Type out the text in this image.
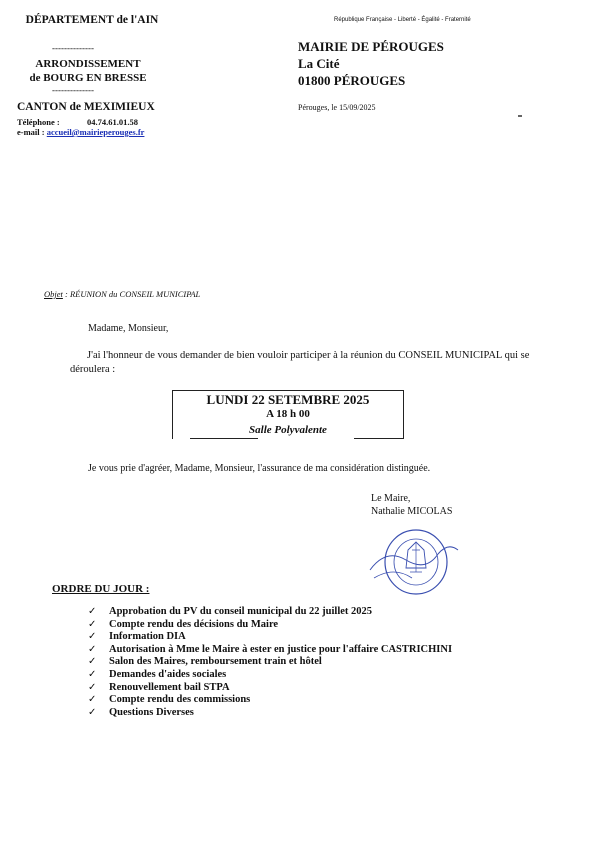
DÉPARTEMENT de l'AIN
--------------
ARRONDISSEMENT
de BOURG EN BRESSE
--------------
CANTON de MEXIMIEUX
Téléphone :	04.74.61.01.58
e-mail : accueil@mairieperouges.fr
République Française - Liberté - Égalité - Fraternité
MAIRIE DE PÉROUGES
La Cité
01800 PÉROUGES
Pérouges, le 15/09/2025
Objet : RÉUNION du CONSEIL MUNICIPAL
Madame, Monsieur,
J'ai l'honneur de vous demander de bien vouloir participer à la réunion du CONSEIL MUNICIPAL qui se déroulera :
LUNDI 22 SETEMBRE 2025
A 18 h 00
Salle Polyvalente
Je vous prie d'agréer, Madame, Monsieur, l'assurance de ma considération distinguée.
Le Maire,
Nathalie MICOLAS
ORDRE DU JOUR :
✓ Approbation du PV du conseil municipal du 22 juillet 2025
✓ Compte rendu des décisions du Maire
✓ Information DIA
✓ Autorisation à Mme le Maire à ester en justice pour l'affaire CASTRICHINI
✓ Salon des Maires, remboursement train et hôtel
✓ Demandes d'aides sociales
✓ Renouvellement bail STPA
✓ Compte rendu des commissions
✓ Questions Diverses
